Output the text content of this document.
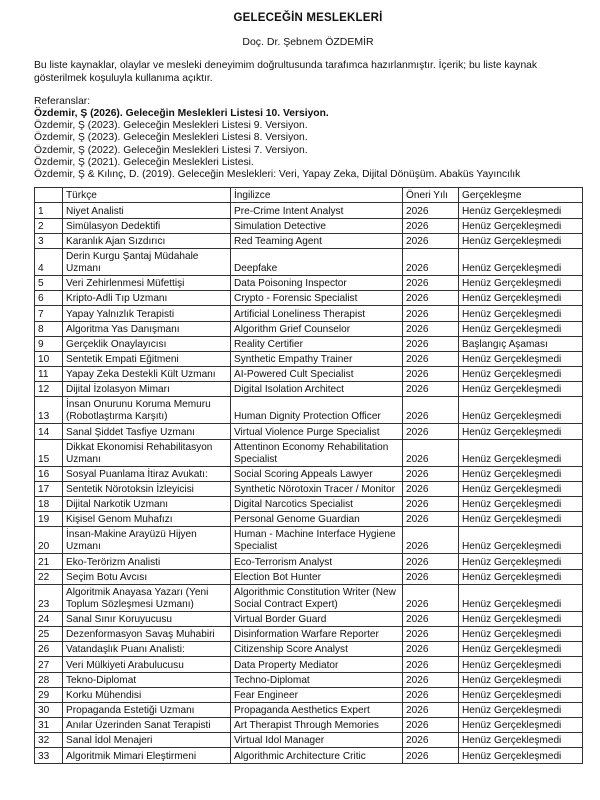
GELECEĞİN MESLEKLERİ
Doç. Dr. Şebnem ÖZDEMİR
Bu liste kaynaklar, olaylar ve mesleki deneyimim doğrultusunda tarafımca hazırlanmıştır. İçerik; bu liste kaynak gösterilmek koşuluyla kullanıma açıktır.
Referanslar:
Özdemir, Ş (2026). Geleceğin Meslekleri Listesi 10. Versiyon.
Özdemir, Ş (2023). Geleceğin Meslekleri Listesi 9. Versiyon.
Özdemir, Ş (2023). Geleceğin Meslekleri Listesi 8. Versiyon.
Özdemir, Ş (2022). Geleceğin Meslekleri Listesi 7. Versiyon.
Özdemir, Ş (2021). Geleceğin Meslekleri Listesi.
Özdemir, Ş & Kılınç, D. (2019). Geleceğin Meslekleri: Veri, Yapay Zeka, Dijital Dönüşüm. Abaküs Yayıncılık
	Türkçe	İngilizce	Öneri Yılı	Gerçekleşme
1	Niyet Analisti	Pre-Crime Intent Analyst	2026	Henüz Gerçekleşmedi
2	Simülasyon Dedektifi	Simulation Detective	2026	Henüz Gerçekleşmedi
3	Karanlık Ajan Sızdırıcı	Red Teaming Agent	2026	Henüz Gerçekleşmedi
4	Derin Kurgu Şantaj Müdahale Uzmanı	Deepfake	2026	Henüz Gerçekleşmedi
5	Veri Zehirlenmesi Müfettişi	Data Poisoning Inspector	2026	Henüz Gerçekleşmedi
6	Kripto-Adli Tıp Uzmanı	Crypto - Forensic Specialist	2026	Henüz Gerçekleşmedi
7	Yapay Yalnızlık Terapisti	Artificial Loneliness Therapist	2026	Henüz Gerçekleşmedi
8	Algoritma Yas Danışmanı	Algorithm Grief Counselor	2026	Henüz Gerçekleşmedi
9	Gerçeklik Onaylayıcısı	Reality Certifier	2026	Başlangıç Aşaması
10	Sentetik Empati Eğitmeni	Synthetic Empathy Trainer	2026	Henüz Gerçekleşmedi
11	Yapay Zeka Destekli Kült Uzmanı	AI-Powered Cult Specialist	2026	Henüz Gerçekleşmedi
12	Dijital İzolasyon Mimarı	Digital Isolation Architect	2026	Henüz Gerçekleşmedi
13	İnsan Onurunu Koruma Memuru (Robotlaştırma Karşıtı)	Human Dignity Protection Officer	2026	Henüz Gerçekleşmedi
14	Sanal Şiddet Tasfiye Uzmanı	Virtual Violence Purge Specialist	2026	Henüz Gerçekleşmedi
15	Dikkat Ekonomisi Rehabilitasyon Uzmanı	Attentinon Economy Rehabilitation Specialist	2026	Henüz Gerçekleşmedi
16	Sosyal Puanlama İtiraz Avukatı:	Social Scoring Appeals Lawyer	2026	Henüz Gerçekleşmedi
17	Sentetik Nörotoksin İzleyicisi	Synthetic Nörotoxin Tracer / Monitor	2026	Henüz Gerçekleşmedi
18	Dijital Narkotik Uzmanı	Digital Narcotics Specialist	2026	Henüz Gerçekleşmedi
19	Kişisel Genom Muhafızı	Personal Genome Guardian	2026	Henüz Gerçekleşmedi
20	İnsan-Makine Arayüzü Hijyen Uzmanı	Human - Machine Interface Hygiene Specialist	2026	Henüz Gerçekleşmedi
21	Eko-Terörizm Analisti	Eco-Terrorism Analyst	2026	Henüz Gerçekleşmedi
22	Seçim Botu Avcısı	Election Bot Hunter	2026	Henüz Gerçekleşmedi
23	Algoritmik Anayasa Yazarı (Yeni Toplum Sözleşmesi Uzmanı)	Algorithmic Constitution Writer (New Social Contract Expert)	2026	Henüz Gerçekleşmedi
24	Sanal Sınır Koruyucusu	Virtual Border Guard	2026	Henüz Gerçekleşmedi
25	Dezenformasyon Savaş Muhabiri	Disinformation Warfare Reporter	2026	Henüz Gerçekleşmedi
26	Vatandaşlık Puanı Analisti:	Citizenship Score Analyst	2026	Henüz Gerçekleşmedi
27	Veri Mülkiyeti Arabulucusu	Data Property Mediator	2026	Henüz Gerçekleşmedi
28	Tekno-Diplomat	Techno-Diplomat	2026	Henüz Gerçekleşmedi
29	Korku Mühendisi	Fear Engineer	2026	Henüz Gerçekleşmedi
30	Propaganda Estetiği Uzmanı	Propaganda Aesthetics Expert	2026	Henüz Gerçekleşmedi
31	Anılar Üzerinden Sanat Terapisti	Art Therapist Through Memories	2026	Henüz Gerçekleşmedi
32	Sanal İdol Menajeri	Virtual Idol Manager	2026	Henüz Gerçekleşmedi
33	Algoritmik Mimari Eleştirmeni	Algorithmic Architecture Critic	2026	Henüz Gerçekleşmedi
